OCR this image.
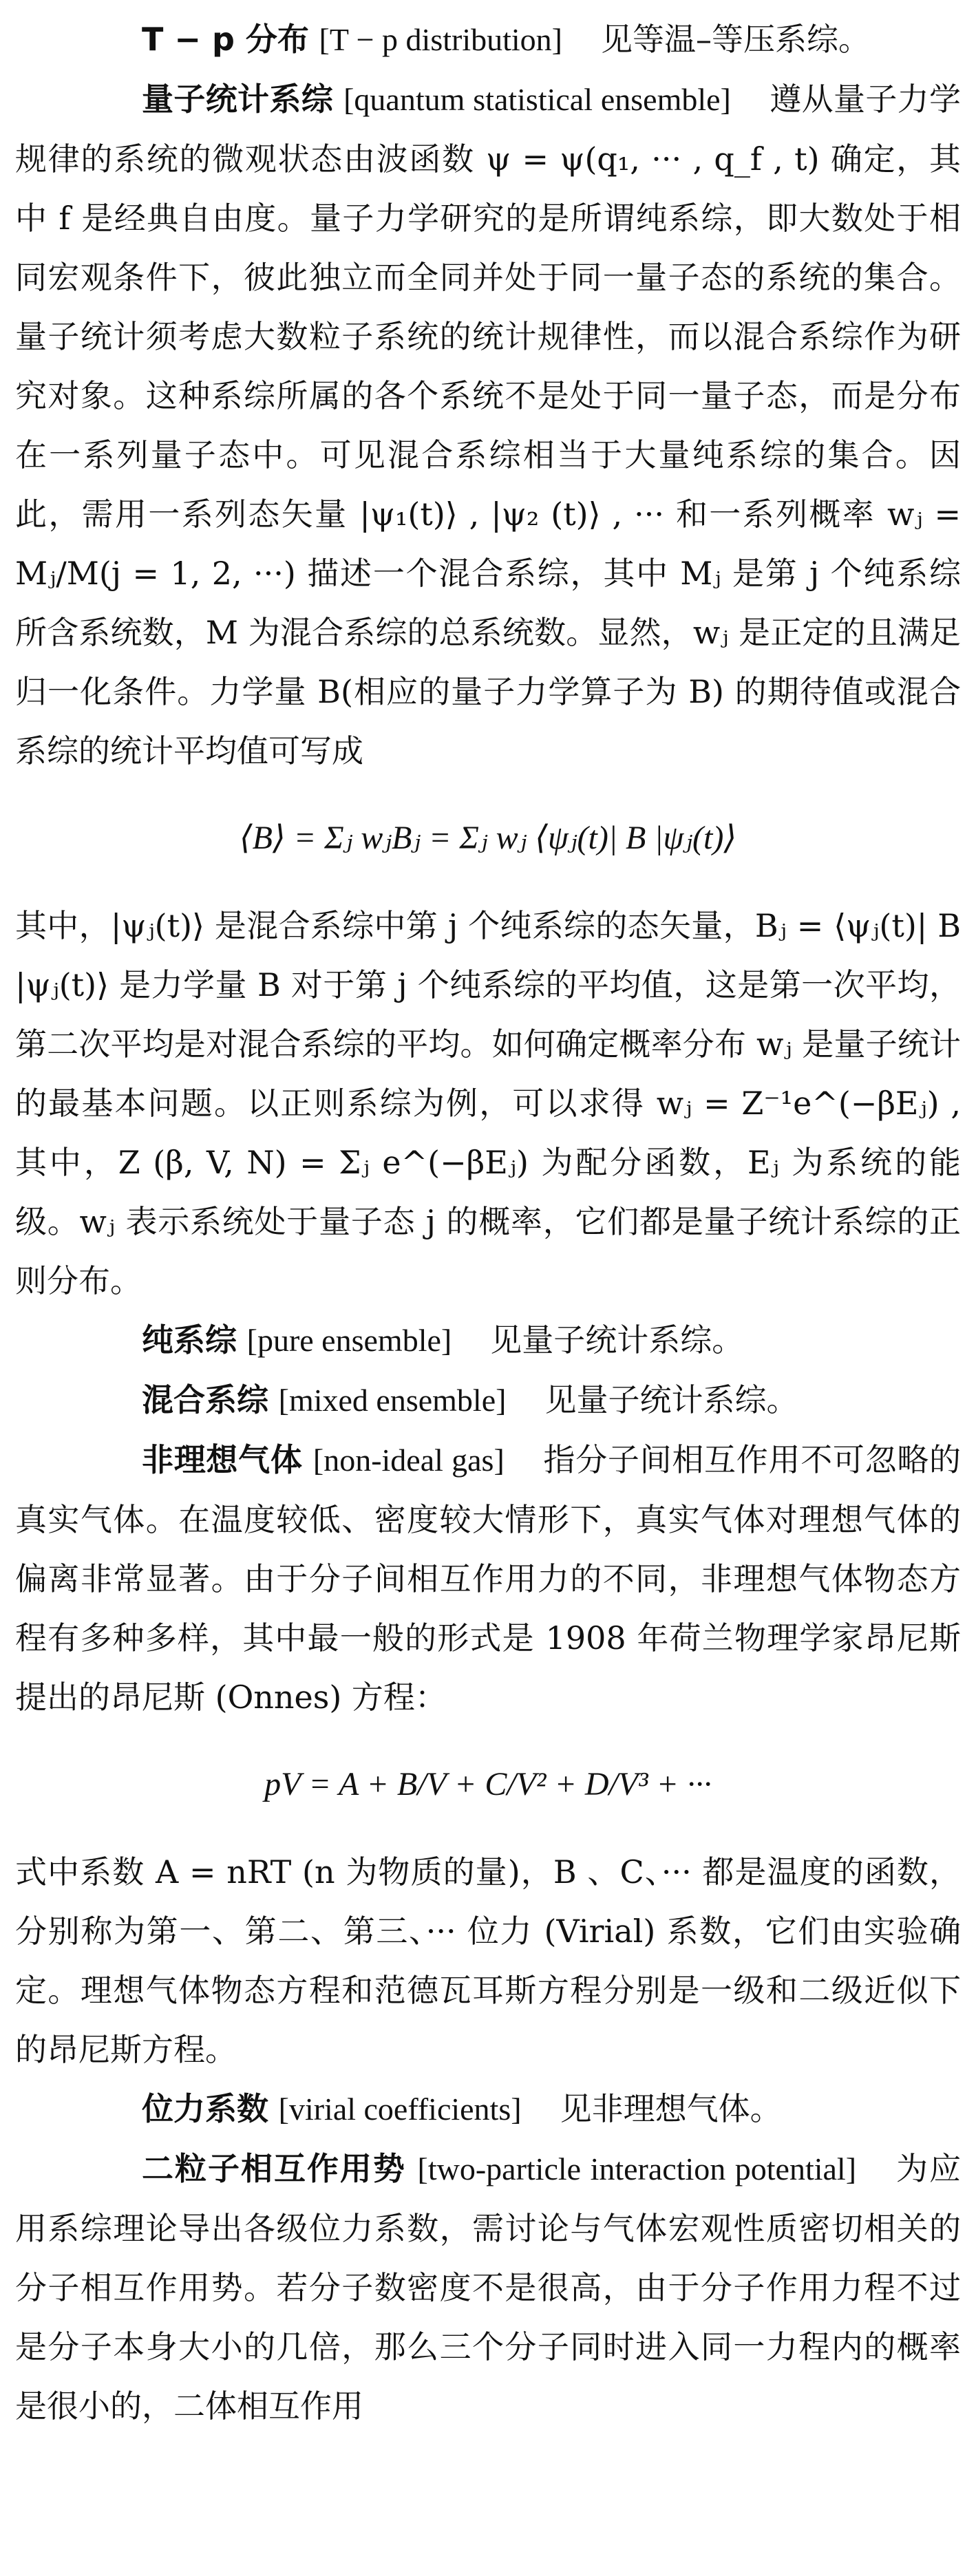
T − p 分布 [T − p distribution] 见等温–等压系综。

量子统计系综 [quantum statistical ensemble] 遵从量子力学规律的系统的微观状态由波函数 ψ = ψ(q₁, ··· , q_f , t) 确定，其中 f 是经典自由度。量子力学研究的是所谓纯系综，即大数处于相同宏观条件下，彼此独立而全同并处于同一量子态的系统的集合。量子统计须考虑大数粒子系统的统计规律性，而以混合系综作为研究对象。这种系综所属的各个系统不是处于同一量子态，而是分布在一系列量子态中。可见混合系综相当于大量纯系综的集合。因此，需用一系列态矢量 |ψ₁(t)⟩ , |ψ₂ (t)⟩ , ··· 和一系列概率 wⱼ = Mⱼ/M(j = 1, 2, ···) 描述一个混合系综，其中 Mⱼ 是第 j 个纯系综所含系统数，M 为混合系综的总系统数。显然，wⱼ 是正定的且满足归一化条件。力学量 B(相应的量子力学算子为 B) 的期待值或混合系综的统计平均值可写成

⟨B⟩ = Σⱼ wⱼBⱼ = Σⱼ wⱼ ⟨ψⱼ(t)| B |ψⱼ(t)⟩

其中，|ψⱼ(t)⟩ 是混合系综中第 j 个纯系综的态矢量，Bⱼ = ⟨ψⱼ(t)| B |ψⱼ(t)⟩ 是力学量 B 对于第 j 个纯系综的平均值，这是第一次平均，第二次平均是对混合系综的平均。如何确定概率分布 wⱼ 是量子统计的最基本问题。以正则系综为例，可以求得 wⱼ = Z⁻¹e^(−βEⱼ) , 其中，Z (β, V, N) = Σⱼ e^(−βEⱼ) 为配分函数，Eⱼ 为系统的能级。wⱼ 表示系统处于量子态 j 的概率，它们都是量子统计系综的正则分布。

纯系综 [pure ensemble] 见量子统计系综。

混合系综 [mixed ensemble] 见量子统计系综。

非理想气体 [non-ideal gas] 指分子间相互作用不可忽略的真实气体。在温度较低、密度较大情形下，真实气体对理想气体的偏离非常显著。由于分子间相互作用力的不同，非理想气体物态方程有多种多样，其中最一般的形式是 1908 年荷兰物理学家昂尼斯提出的昂尼斯 (Onnes) 方程：

pV = A + B/V + C/V² + D/V³ + ···

式中系数 A = nRT (n 为物质的量)，B 、C、··· 都是温度的函数，分别称为第一、第二、第三、··· 位力 (Virial) 系数，它们由实验确定。理想气体物态方程和范德瓦耳斯方程分别是一级和二级近似下的昂尼斯方程。

位力系数 [virial coefficients] 见非理想气体。

二粒子相互作用势 [two-particle interaction potential] 为应用系综理论导出各级位力系数，需讨论与气体宏观性质密切相关的分子相互作用势。若分子数密度不是很高，由于分子作用力程不过是分子本身大小的几倍，那么三个分子同时进入同一力程内的概率是很小的，二体相互作用
